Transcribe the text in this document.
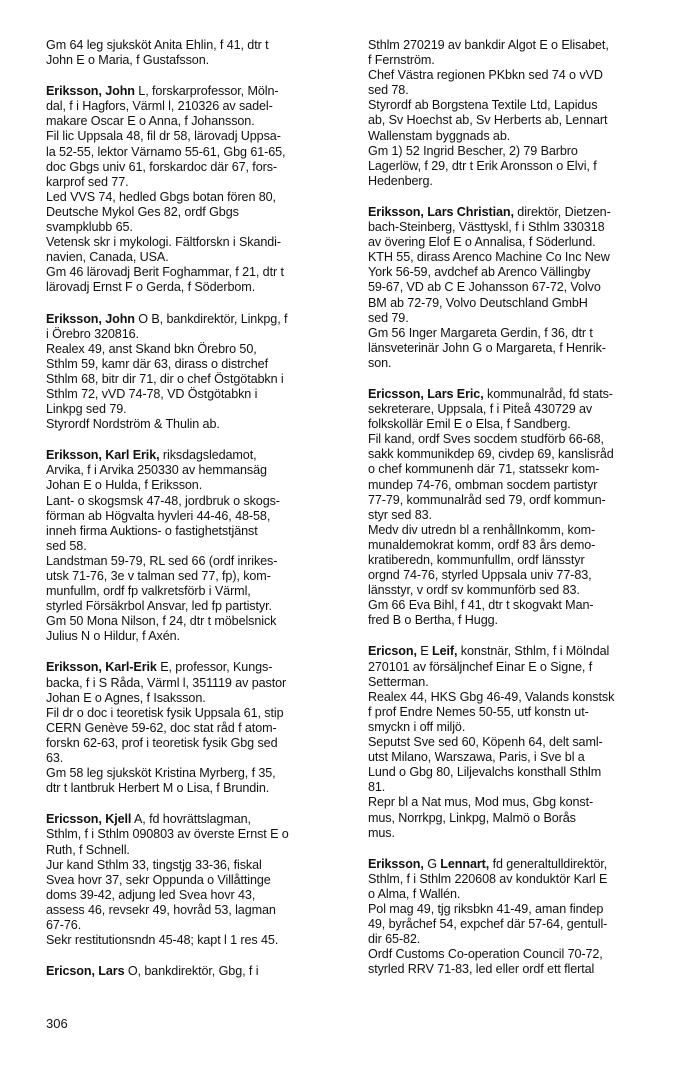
Gm 64 leg sjuksköt Anita Ehlin, f 41, dtr t
John E o Maria, f Gustafsson.
Eriksson, John L, forskarprofessor, Möln-
dal, f i Hagfors, Värml l, 210326 av sadel-
makare Oscar E o Anna, f Johansson.
Fil lic Uppsala 48, fil dr 58, lärovadj Uppsa-
la 52-55, lektor Värnamo 55-61, Gbg 61-65,
doc Gbgs univ 61, forskardoc där 67, fors-
karprof sed 77.
Led VVS 74, hedled Gbgs botan fören 80,
Deutsche Mykol Ges 82, ordf Gbgs
svampklubb 65.
Vetensk skr i mykologi. Fältforskn i Skandi-
navien, Canada, USA.
Gm 46 lärovadj Berit Foghammar, f 21, dtr t
lärovadj Ernst F o Gerda, f Söderbom.
Eriksson, John O B, bankdirektör, Linkpg, f
i Örebro 320816.
Realex 49, anst Skand bkn Örebro 50,
Sthlm 59, kamr där 63, dirass o distrchef
Sthlm 68, bitr dir 71, dir o chef Östgötabkn i
Sthlm 72, vVD 74-78, VD Östgötabkn i
Linkpg sed 79.
Styrordf Nordström & Thulin ab.
Eriksson, Karl Erik, riksdagsledamot,
Arvika, f i Arvika 250330 av hemmansäg
Johan E o Hulda, f Eriksson.
Lant- o skogsmsk 47-48, jordbruk o skogs-
förman ab Högvalta hyvleri 44-46, 48-58,
inneh firma Auktions- o fastighetstjänst
sed 58.
Landstman 59-79, RL sed 66 (ordf inrikes-
utsk 71-76, 3e v talman sed 77, fp), kom-
munfullm, ordf fp valkretsförb i Värml,
styrled Försäkrbol Ansvar, led fp partistyr.
Gm 50 Mona Nilson, f 24, dtr t möbelsnick
Julius N o Hildur, f Axén.
Eriksson, Karl-Erik E, professor, Kungs-
backa, f i S Råda, Värml l, 351119 av pastor
Johan E o Agnes, f Isaksson.
Fil dr o doc i teoretisk fysik Uppsala 61, stip
CERN Genève 59-62, doc stat råd f atom-
forskn 62-63, prof i teoretisk fysik Gbg sed
63.
Gm 58 leg sjuksköt Kristina Myrberg, f 35,
dtr t lantbruk Herbert M o Lisa, f Brundin.
Ericsson, Kjell A, fd hovrättslagman,
Sthlm, f i Sthlm 090803 av överste Ernst E o
Ruth, f Schnell.
Jur kand Sthlm 33, tingstjg 33-36, fiskal
Svea hovr 37, sekr Oppunda o Villåttinge
doms 39-42, adjung led Svea hovr 43,
assess 46, revsekr 49, hovråd 53, lagman
67-76.
Sekr restitutionsndn 45-48; kapt l 1 res 45.
Ericson, Lars O, bankdirektör, Gbg, f i
Sthlm 270219 av bankdir Algot E o Elisabet,
f Fernström.
Chef Västra regionen PKbkn sed 74 o vVD
sed 78.
Styrordf ab Borgstena Textile Ltd, Lapidus
ab, Sv Hoechst ab, Sv Herberts ab, Lennart
Wallenstam byggnads ab.
Gm 1) 52 Ingrid Bescher, 2) 79 Barbro
Lagerlöw, f 29, dtr t Erik Aronsson o Elvi, f
Hedenberg.
Eriksson, Lars Christian, direktör, Dietzen-
bach-Steinberg, Västtyskl, f i Sthlm 330318
av övering Elof E o Annalisa, f Söderlund.
KTH 55, dirass Arenco Machine Co Inc New
York 56-59, avdchef ab Arenco Vällingby
59-67, VD ab C E Johansson 67-72, Volvo
BM ab 72-79, Volvo Deutschland GmbH
sed 79.
Gm 56 Inger Margareta Gerdin, f 36, dtr t
länsveterinär John G o Margareta, f Henrik-
son.
Ericsson, Lars Eric, kommunalråd, fd stats-
sekreterare, Uppsala, f i Piteå 430729 av
folkskollär Emil E o Elsa, f Sandberg.
Fil kand, ordf Sves socdem studförb 66-68,
sakk kommunikdep 69, civdep 69, kanslisråd
o chef kommunenh där 71, statssekr kom-
mundep 74-76, ombman socdem partistyr
77-79, kommunalråd sed 79, ordf kommun-
styr sed 83.
Medv div utredn bl a renhållnkomm, kom-
munaldemokrat komm, ordf 83 års demo-
kratiberedn, kommunfullm, ordf länsstyr
orgnd 74-76, styrled Uppsala univ 77-83,
länsstyr, v ordf sv kommunförb sed 83.
Gm 66 Eva Bihl, f 41, dtr t skogvakt Man-
fred B o Bertha, f Hugg.
Ericson, E Leif, konstnär, Sthlm, f i Mölndal
270101 av försäljnchef Einar E o Signe, f
Setterman.
Realex 44, HKS Gbg 46-49, Valands konstsk
f prof Endre Nemes 50-55, utf konstn ut-
smyckn i off miljö.
Seputst Sve sed 60, Köpenh 64, delt saml-
utst Milano, Warszawa, Paris, i Sve bl a
Lund o Gbg 80, Liljevalchs konsthall Sthlm
81.
Repr bl a Nat mus, Mod mus, Gbg konst-
mus, Norrkpg, Linkpg, Malmö o Borås
mus.
Eriksson, G Lennart, fd generaltulldirektör,
Sthlm, f i Sthlm 220608 av konduktör Karl E
o Alma, f Wallén.
Pol mag 49, tjg riksbkn 41-49, aman findep
49, byråchef 54, expchef där 57-64, gentull-
dir 65-82.
Ordf Customs Co-operation Council 70-72,
styrled RRV 71-83, led eller ordf ett flertal
306
